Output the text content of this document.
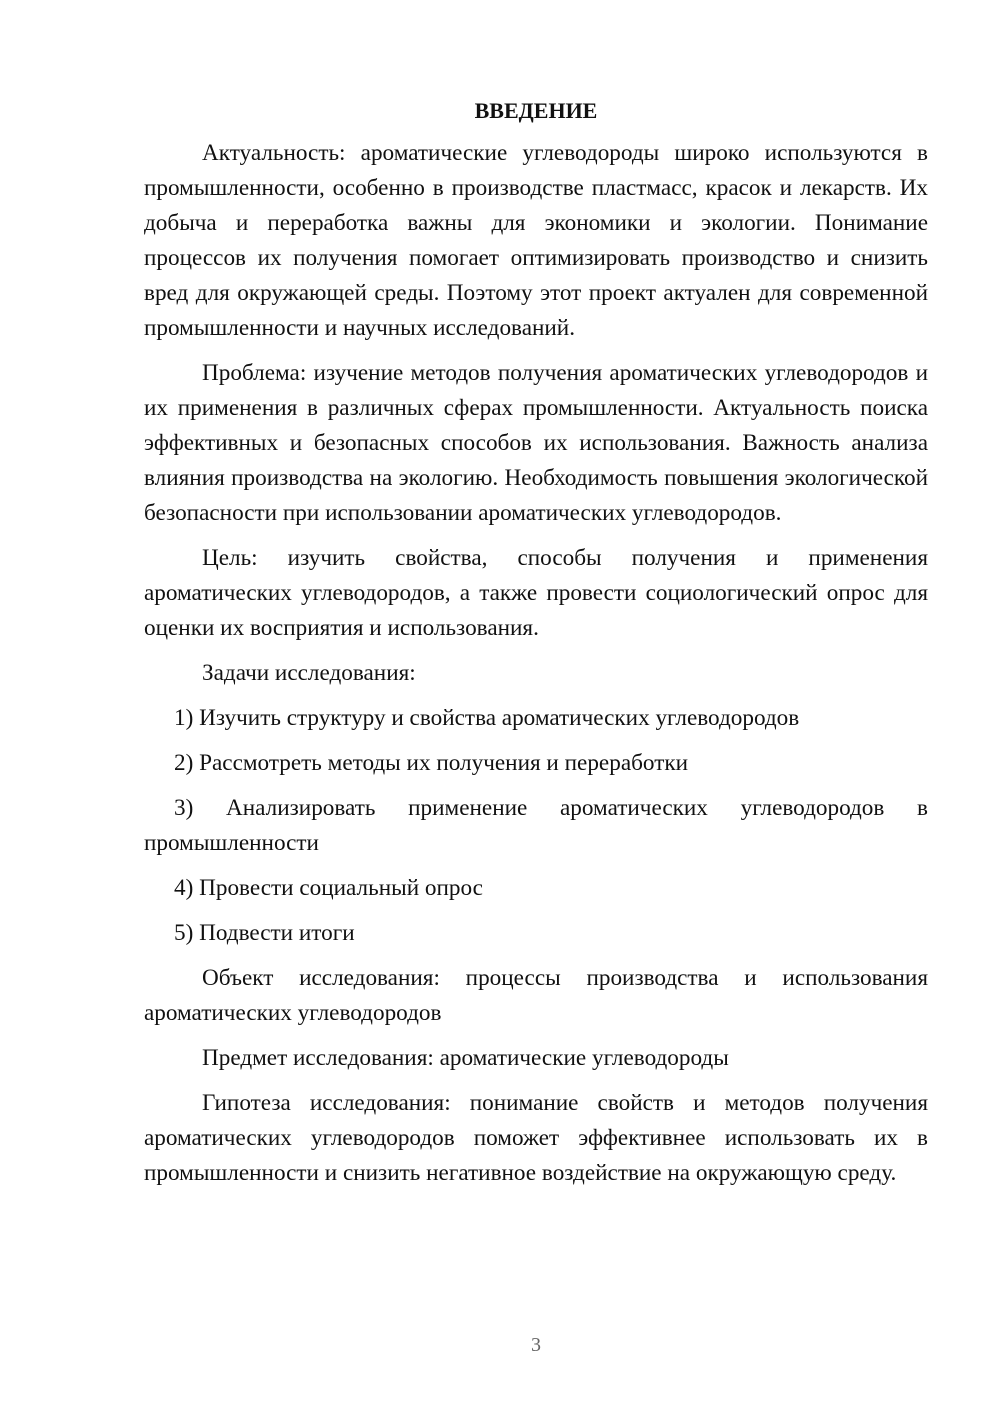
ВВЕДЕНИЕ

Актуальность: ароматические углеводороды широко используются в промышленности, особенно в производстве пластмасс, красок и лекарств. Их добыча и переработка важны для экономики и экологии. Понимание процессов их получения помогает оптимизировать производство и снизить вред для окружающей среды. Поэтому этот проект актуален для современной промышленности и научных исследований.

Проблема: изучение методов получения ароматических углеводородов и их применения в различных сферах промышленности. Актуальность поиска эффективных и безопасных способов их использования. Важность анализа влияния производства на экологию. Необходимость повышения экологической безопасности при использовании ароматических углеводородов.

Цель: изучить свойства, способы получения и применения ароматических углеводородов, а также провести социологический опрос для оценки их восприятия и использования.

Задачи исследования:

1) Изучить структуру и свойства ароматических углеводородов

2) Рассмотреть методы их получения и переработки

3) Анализировать применение ароматических углеводородов в промышленности

4) Провести социальный опрос

5) Подвести итоги

Объект исследования: процессы производства и использования ароматических углеводородов

Предмет исследования: ароматические углеводороды

Гипотеза исследования: понимание свойств и методов получения ароматических углеводородов поможет эффективнее использовать их в промышленности и снизить негативное воздействие на окружающую среду.

3
